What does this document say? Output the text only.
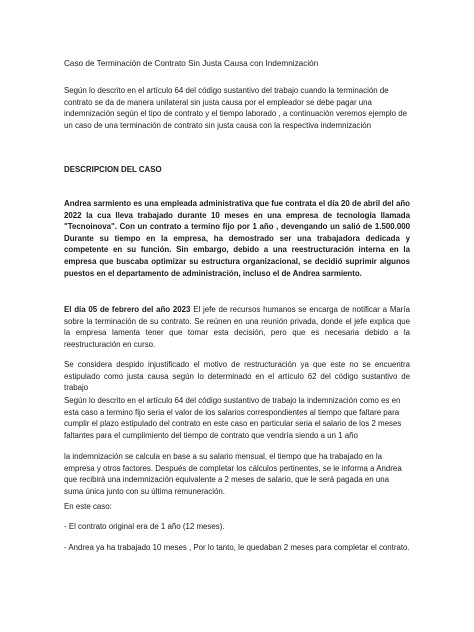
Caso de Terminación de Contrato Sin Justa Causa con Indemnización
Según lo descrito en el artículo 64 del código sustantivo del trabajo cuando la terminación de contrato se da de manera unilateral sin justa causa por el empleador se debe pagar una indemnización según el tipo de contrato y el tiempo laborado , a continuación veremos ejemplo de un caso de una terminación de contrato sin justa causa con la respectiva indemnización
DESCRIPCION DEL CASO
Andrea sarmiento es una empleada administrativa que fue contrata el día 20 de abril del año 2022 la cua lleva trabajado durante 10 meses en una empresa de tecnología llamada "Tecnoinova". Con un contrato a termino fijo por 1 año , devengando un salió de 1.500.000 Durante su tiempo en la empresa, ha demostrado ser una trabajadora dedicada y competente en su función. Sin embargo, debido a una reestructuración interna en la empresa que buscaba optimizar su estructura organizacional, se decidió suprimir algunos puestos en el departamento de administración, incluso el de Andrea sarmiento.
El día 05 de febrero del año 2023 El jefe de recursos humanos se encarga de notificar a María sobre la terminación de su contrato. Se reúnen en una reunión privada, donde el jefe explica que la empresa lamenta tener que tomar esta decisión, pero que es necesaria debido a la reestructuración en curso.
Se considera despido injustificado el motivo de restructuración ya que este no se encuentra estipulado como justa causa según lo determinado en el artículo 62 del código sustantivo de trabajo
Según lo descrito en el artículo 64 del código sustantivo de trabajo la indemnización como es en esta caso a termino fijo seria el valor de los salarios correspondientes al tiempo que faltare para cumplir el plazo estipulado del contrato en este caso en particular seria el salario de los 2 meses faltantes para el cumplimiento del tiempo de contrato que vendría siendo a un 1 año
la indemnización se calcula en base a su salario mensual, el tiempo que ha trabajado en la empresa y otros factores. Después de completar los cálculos pertinentes, se le informa a Andrea que recibirá una indemnización equivalente a 2 meses de salario, que le será pagada en una suma única junto con su última remuneración.
En este caso:
- El contrato original era de 1 año (12 meses).
- Andrea ya ha trabajado 10 meses , Por lo tanto, le quedaban 2 meses para completar el contrato.
